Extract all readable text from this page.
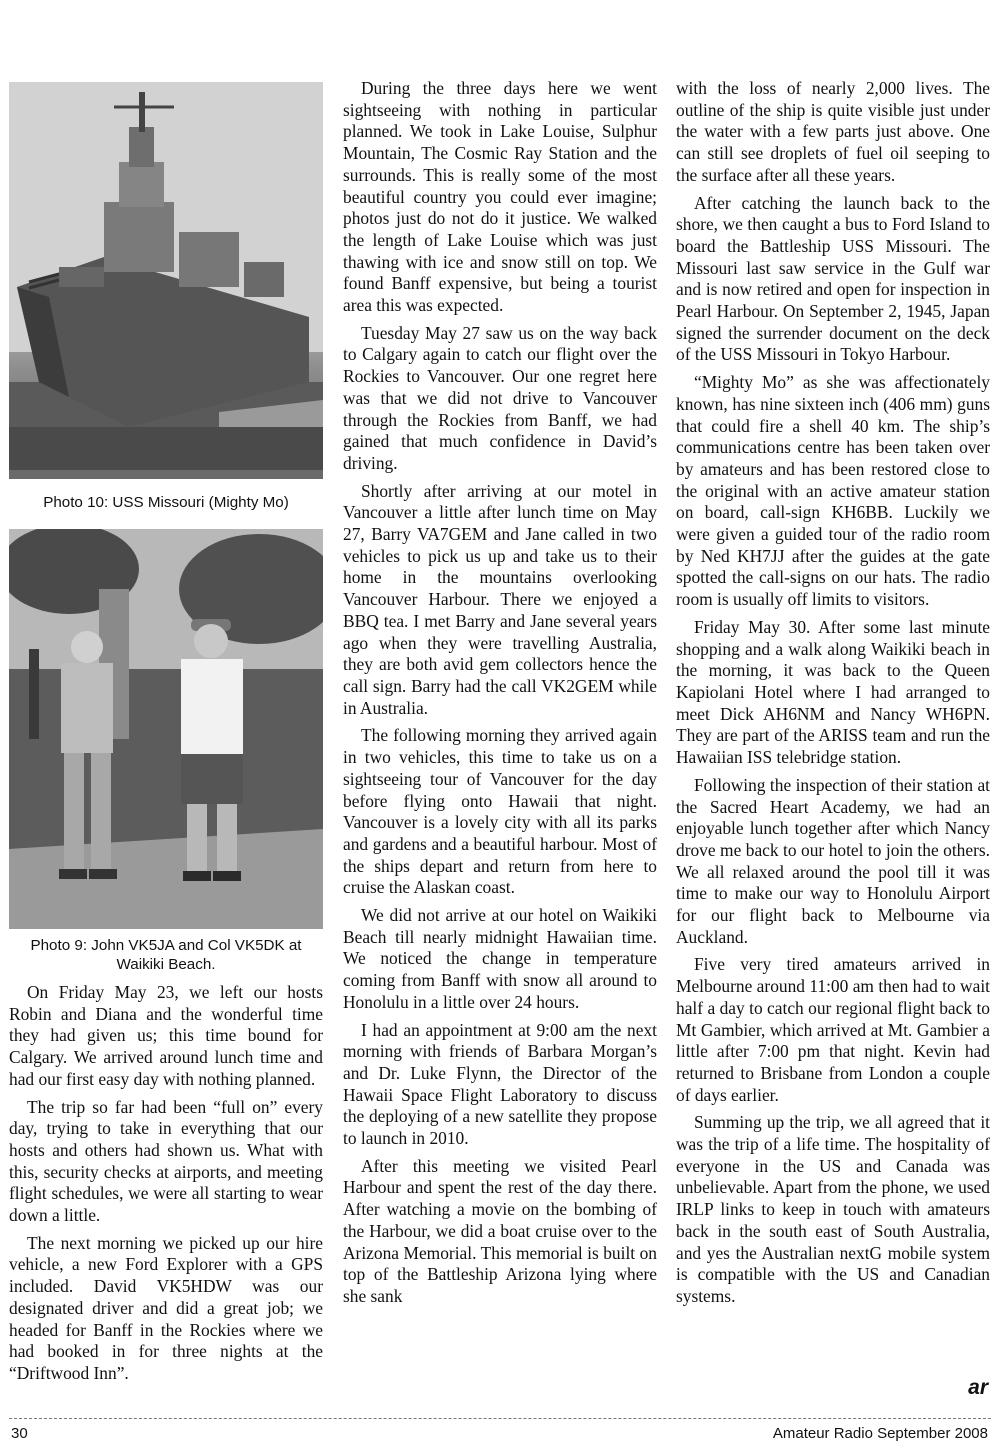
Photo 10: USS Missouri (Mighty Mo)
Photo 9: John VK5JA and Col VK5DK at
Waikiki Beach.

On Friday May 23, we left our hosts Robin and Diana and the wonderful time they had given us; this time bound for Calgary. We arrived around lunch time and had our first easy day with nothing planned.

The trip so far had been “full on” every day, trying to take in everything that our hosts and others had shown us. What with this, security checks at airports, and meeting flight schedules, we were all starting to wear down a little.

The next morning we picked up our hire vehicle, a new Ford Explorer with a GPS included. David VK5HDW was our designated driver and did a great job; we headed for Banff in the Rockies where we had booked in for three nights at the “Driftwood Inn”.

During the three days here we went sightseeing with nothing in particular planned. We took in Lake Louise, Sulphur Mountain, The Cosmic Ray Station and the surrounds. This is really some of the most beautiful country you could ever imagine; photos just do not do it justice. We walked the length of Lake Louise which was just thawing with ice and snow still on top. We found Banff expensive, but being a tourist area this was expected.

Tuesday May 27 saw us on the way back to Calgary again to catch our flight over the Rockies to Vancouver. Our one regret here was that we did not drive to Vancouver through the Rockies from Banff, we had gained that much confidence in David’s driving.

Shortly after arriving at our motel in Vancouver a little after lunch time on May 27, Barry VA7GEM and Jane called in two vehicles to pick us up and take us to their home in the mountains overlooking Vancouver Harbour. There we enjoyed a BBQ tea. I met Barry and Jane several years ago when they were travelling Australia, they are both avid gem collectors hence the call sign. Barry had the call VK2GEM while in Australia.

The following morning they arrived again in two vehicles, this time to take us on a sightseeing tour of Vancouver for the day before flying onto Hawaii that night. Vancouver is a lovely city with all its parks and gardens and a beautiful harbour. Most of the ships depart and return from here to cruise the Alaskan coast.

We did not arrive at our hotel on Waikiki Beach till nearly midnight Hawaiian time. We noticed the change in temperature coming from Banff with snow all around to Honolulu in a little over 24 hours.

I had an appointment at 9:00 am the next morning with friends of Barbara Morgan’s and Dr. Luke Flynn, the Director of the Hawaii Space Flight Laboratory to discuss the deploying of a new satellite they propose to launch in 2010.

After this meeting we visited Pearl Harbour and spent the rest of the day there. After watching a movie on the bombing of the Harbour, we did a boat cruise over to the Arizona Memorial. This memorial is built on top of the Battleship Arizona lying where she sank

with the loss of nearly 2,000 lives. The outline of the ship is quite visible just under the water with a few parts just above. One can still see droplets of fuel oil seeping to the surface after all these years.

After catching the launch back to the shore, we then caught a bus to Ford Island to board the Battleship USS Missouri. The Missouri last saw service in the Gulf war and is now retired and open for inspection in Pearl Harbour. On September 2, 1945, Japan signed the surrender document on the deck of the USS Missouri in Tokyo Harbour.

“Mighty Mo” as she was affectionately known, has nine sixteen inch (406 mm) guns that could fire a shell 40 km. The ship’s communications centre has been taken over by amateurs and has been restored close to the original with an active amateur station on board, call-sign KH6BB. Luckily we were given a guided tour of the radio room by Ned KH7JJ after the guides at the gate spotted the call-signs on our hats. The radio room is usually off limits to visitors.

Friday May 30. After some last minute shopping and a walk along Waikiki beach in the morning, it was back to the Queen Kapiolani Hotel where I had arranged to meet Dick AH6NM and Nancy WH6PN. They are part of the ARISS team and run the Hawaiian ISS telebridge station.

Following the inspection of their station at the Sacred Heart Academy, we had an enjoyable lunch together after which Nancy drove me back to our hotel to join the others. We all relaxed around the pool till it was time to make our way to Honolulu Airport for our flight back to Melbourne via Auckland.

Five very tired amateurs arrived in Melbourne around 11:00 am then had to wait half a day to catch our regional flight back to Mt Gambier, which arrived at Mt. Gambier a little after 7:00 pm that night. Kevin had returned to Brisbane from London a couple of days earlier.

Summing up the trip, we all agreed that it was the trip of a life time. The hospitality of everyone in the US and Canada was unbelievable. Apart from the phone, we used IRLP links to keep in touch with amateurs back in the south east of South Australia, and yes the Australian nextG mobile system is compatible with the US and Canadian systems.

ar
30	Amateur Radio September 2008
